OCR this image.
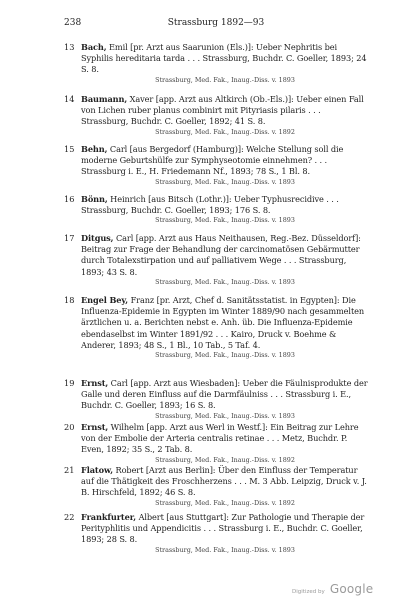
238	Strassburg 1892—93
13 Bach, Emil [pr. Arzt aus Saarunion (Els.)]: Ueber Nephritis bei Syphilis hereditaria tarda . . . Strassburg, Buchdr. C. Goeller, 1893; 24 S. 8.
Strassburg, Med. Fak., Inaug.-Diss. v. 1893
14 Baumann, Xaver [app. Arzt aus Altkirch (Ob.-Els.)]: Ueber einen Fall von Lichen ruber planus combinirt mit Pityriasis pilaris . . . Strassburg, Buchdr. C. Goeller, 1892; 41 S. 8.
Strassburg, Med. Fak., Inaug.-Diss. v. 1892
15 Behn, Carl [aus Bergedorf (Hamburg)]: Welche Stellung soll die moderne Geburtshülfe zur Symphyseotomie einnehmen? . . . Strassburg i. E., H. Friedemann Nf., 1893; 78 S., 1 Bl. 8.
Strassburg, Med. Fak., Inaug.-Diss. v. 1893
16 Bönn, Heinrich [aus Bitsch (Lothr.)]: Ueber Typhusrecidive . . . Strassburg, Buchdr. C. Goeller, 1893; 176 S. 8.
Strassburg, Med. Fak., Inaug.-Diss. v. 1893
17 Ditgus, Carl [app. Arzt aus Haus Neithausen, Reg.-Bez. Düsseldorf]: Beitrag zur Frage der Behandlung der carcinomatösen Gebärmutter durch Totalexstirpation und auf palliativem Wege . . . Strassburg, 1893; 43 S. 8.
Strassburg, Med. Fak., Inaug.-Diss. v. 1893
18 Engel Bey, Franz [pr. Arzt, Chef d. Sanitätsstatist. in Egypten]: Die Influenza-Epidemie in Egypten im Winter 1889/90 nach gesammelten ärztlichen u. a. Berichten nebst e. Anh. üb. Die Influenza-Epidemie ebendaselbst im Winter 1891/92 . . . Kairo, Druck v. Boehme & Anderer, 1893; 48 S., 1 Bl., 10 Tab., 5 Taf. 4.
Strassburg, Med. Fak., Inaug.-Diss. v. 1893
19 Ernst, Carl [app. Arzt aus Wiesbaden]: Ueber die Fäulnisprodukte der Galle und deren Einfluss auf die Darmfäulniss . . . Strassburg i. E., Buchdr. C. Goeller, 1893; 16 S. 8.
Strassburg, Med. Fak., Inaug.-Diss. v. 1893
20 Ernst, Wilhelm [app. Arzt aus Werl in Westf.]: Ein Beitrag zur Lehre von der Embolie der Arteria centralis retinae . . . Metz, Buchdr. P. Even, 1892; 35 S., 2 Tab. 8.
Strassburg, Med. Fak., Inaug.-Diss. v. 1892
21 Flatow, Robert [Arzt aus Berlin]: Über den Einfluss der Temperatur auf die Thätigkeit des Froschherzens . . . M. 3 Abb. Leipzig, Druck v. J. B. Hirschfeld, 1892; 46 S. 8.
Strassburg, Med. Fak., Inaug.-Diss. v. 1892
22 Frankfurter, Albert [aus Stuttgart]: Zur Pathologie und Therapie der Perityphlitis und Appendicitis . . . Strassburg i. E., Buchdr. C. Goeller, 1893; 28 S. 8.
Strassburg, Med. Fak., Inaug.-Diss. v. 1893
Digitized by Google
